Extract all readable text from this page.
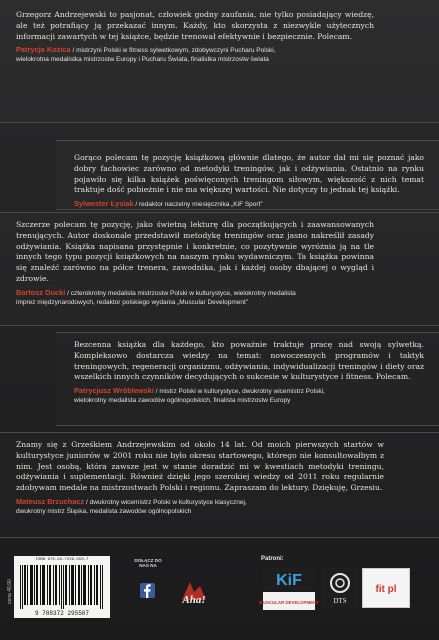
Grzegorz Andrzejewski to pasjonat, człowiek godny zaufania, nie tylko posiadający wiedzę, ale też potrafiący ją przekazać innym. Każdy, kto skorzysta z niezwykle użytecznych informacji zawartych w tej książce, będzie trenował efektywnie i bezpiecznie. Polecam.

Patrycja Kozica / mistrzyni Polski w fitness sylwetkowym, zdobywczyni Pucharu Polski,
wielokrotna medalistka mistrzostw Europy i Pucharu Świata, finalistka mistrzostw świata

Gorąco polecam tę pozycję książkową głównie dlatego, że autor dał mi się poznać jako dobry fachowiec zarówno od metodyki treningów, jak i odżywiania. Ostatnio na rynku pojawiło się kilka książek poświęconych treningom siłowym, większość z nich temat traktuje dość pobieżnie i nie ma większej wartości. Nie dotyczy to jednak tej książki.

Sylwester Łysiak / redaktor naczelny miesięcznika „KiF Sport”

Szczerze polecam tę pozycję, jako świetną lekturę dla początkujących i zaawansowanych trenujących. Autor doskonale przedstawił metodykę treningów oraz jasno nakreślił zasady odżywiania. Książka napisana przystępnie i konkretnie, co pozytywnie wyróżnia ją na tle innych tego typu pozycji książkowych na naszym rynku wydawniczym. Ta książka powinna się znaleźć zarówno na półce trenera, zawodnika, jak i każdej osoby dbającej o wygląd i zdrowie.

Bartosz Ducki / czterokrotny medalista mistrzostw Polski w kulturystyce, wielokrotny medalista
imprez międzynarodowych, redaktor polskiego wydania „Muscular Development”

Bezcenna książka dla każdego, kto poważnie traktuje pracę nad swoją sylwetką. Kompleksowo dostarcza wiedzy na temat: nowoczesnych programów i taktyk treningowych, regeneracji organizmu, odżywiania, indywidualizacji treningów i diety oraz wszelkich innych czynników decydujących o sukcesie w kulturystyce i fitness. Polecam.

Patrycjusz Wróblewski / mistrz Polski w kulturystyce, dwukrotny wicemistrz Polski,
wielokrotny medalista zawodów ogólnopolskich, finalista mistrzostw Europy

Znamy się z Grześkiem Andrzejewskim od około 14 lat. Od moich pierwszych startów w kulturystyce juniorów w 2001 roku nie było okresu startowego, którego nie konsultowałbym z nim. Jest osobą, która zawsze jest w stanie doradzić mi w kwestiach metodyki treningu, odżywiania i suplementacji. Również dzięki jego szerokiej wiedzy od 2011 roku regularnie zdobywam medale na mistrzostwach Polski i regionu. Zapraszam do lektury. Dziękuję, Grzesiu.

Mateusz Brzuchacz / dwukrotny wicemistrz Polski w kulturystyce klasycznej,
dwukrotny mistrz Śląska, medalista zawodów ogólnopolskich
cena 49,90
ISBN 978-83-7229-550-7
9 788372 295507
DOŁĄCZ DO NAS NA
Aha!
Patroni:
KiF
MUSCULAR DEVELOPMENT DTS
fit pl
